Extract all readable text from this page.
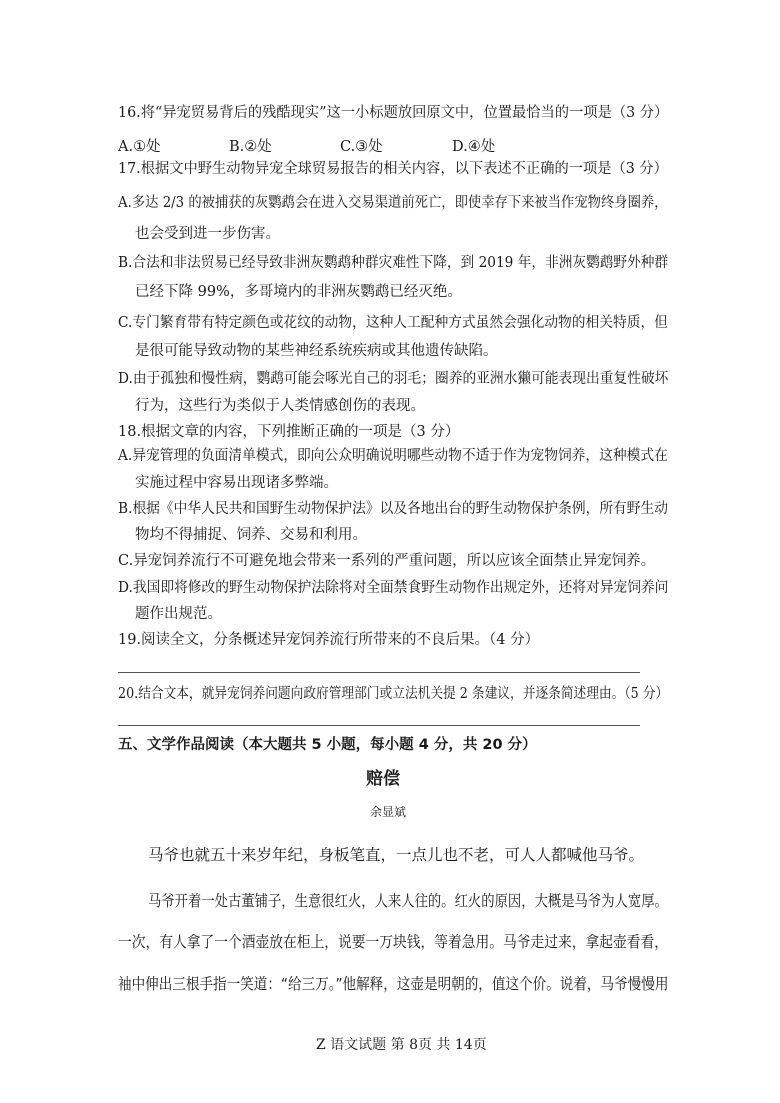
16.将“异宠贸易背后的残酷现实”这一小标题放回原文中，位置最恰当的一项是（3 分）
A.①处	B.②处	C.③处	D.④处
17.根据文中野生动物异宠全球贸易报告的相关内容，以下表述不正确的一项是（3 分）
A.多达 2/3 的被捕获的灰鹦鹉会在进入交易渠道前死亡，即使幸存下来被当作宠物终身圈养，
也会受到进一步伤害。
B.合法和非法贸易已经导致非洲灰鹦鹉种群灾难性下降，到 2019 年，非洲灰鹦鹉野外种群
已经下降 99%，多哥境内的非洲灰鹦鹉已经灭绝。
C.专门繁育带有特定颜色或花纹的动物，这种人工配种方式虽然会强化动物的相关特质，但
是很可能导致动物的某些神经系统疾病或其他遗传缺陷。
D.由于孤独和慢性病，鹦鹉可能会啄光自己的羽毛；圈养的亚洲水獭可能表现出重复性破坏
行为，这些行为类似于人类情感创伤的表现。
18.根据文章的内容，下列推断正确的一项是（3 分）
A.异宠管理的负面清单模式，即向公众明确说明哪些动物不适于作为宠物饲养，这种模式在
实施过程中容易出现诸多弊端。
B.根据《中华人民共和国野生动物保护法》以及各地出台的野生动物保护条例，所有野生动
物均不得捕捉、饲养、交易和利用。
C.异宠饲养流行不可避免地会带来一系列的严重问题，所以应该全面禁止异宠饲养。
D.我国即将修改的野生动物保护法除将对全面禁食野生动物作出规定外，还将对异宠饲养问
题作出规范。
19.阅读全文，分条概述异宠饲养流行所带来的不良后果。（4 分）
20.结合文本，就异宠饲养问题向政府管理部门或立法机关提 2 条建议，并逐条简述理由。（5 分）
五、文学作品阅读（本大题共 5 小题，每小题 4 分，共 20 分）
赔偿
余显斌
马爷也就五十来岁年纪，身板笔直，一点儿也不老，可人人都喊他马爷。
马爷开着一处古董铺子，生意很红火，人来人往的。红火的原因，大概是马爷为人宽厚。
一次，有人拿了一个酒壶放在柜上，说要一万块钱，等着急用。马爷走过来，拿起壶看看，
袖中伸出三根手指一笑道：“给三万。”他解释，这壶是明朝的，值这个价。说着，马爷慢慢用
Z 语文试题 第 8页 共 14页
